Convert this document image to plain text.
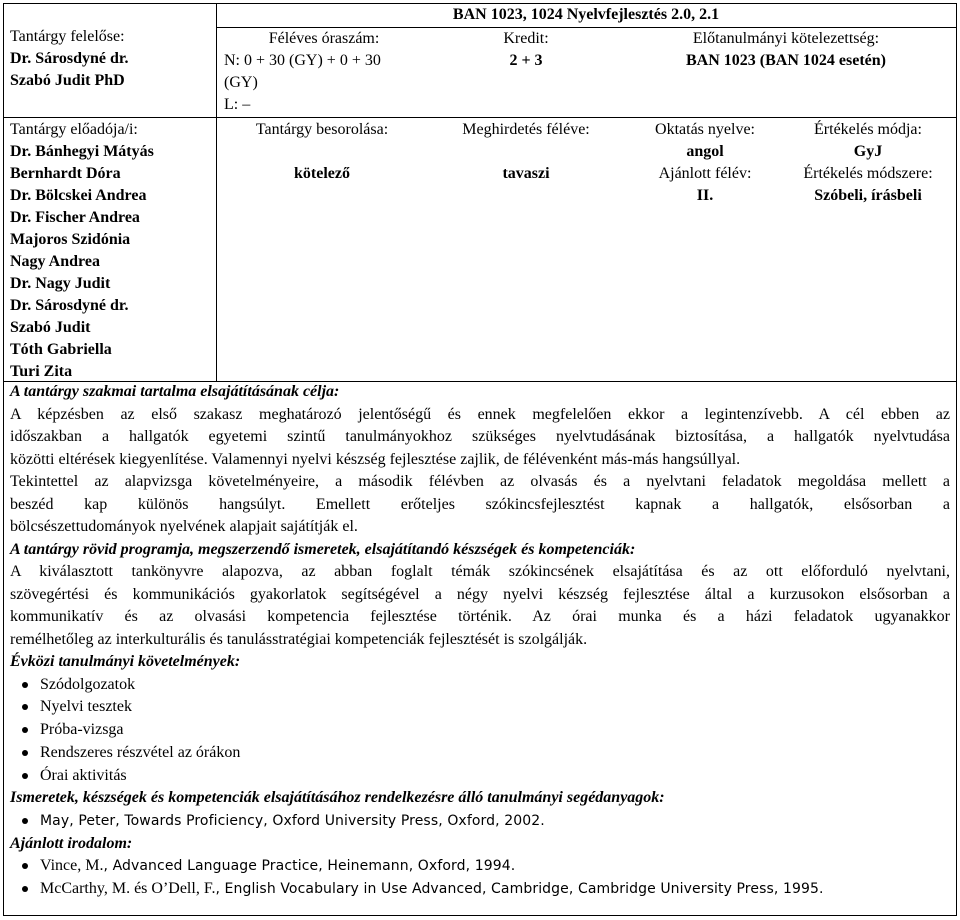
BAN 1023, 1024 Nyelvfejlesztés 2.0, 2.1
Tantárgy felelőse:
Dr. Sárosdyné dr.
Szabó Judit PhD
Féléves óraszám:
N: 0 + 30 (GY) + 0 + 30
(GY)
L: –
Kredit:
2 + 3
Előtanulmányi kötelezettség:
BAN 1023 (BAN 1024 esetén)
Tantárgy előadója/i:
Dr. Bánhegyi Mátyás
Bernhardt Dóra
Dr. Bölcskei Andrea
Dr. Fischer Andrea
Majoros Szidónia
Nagy Andrea
Dr. Nagy Judit
Dr. Sárosdyné dr.
Szabó Judit
Tóth Gabriella
Turi Zita
Tantárgy besorolása:
kötelező
Meghirdetés féléve:
tavaszi
Oktatás nyelve:
angol
Ajánlott félév:
II.
Értékelés módja:
GyJ
Értékelés módszere:
Szóbeli, írásbeli
A tantárgy szakmai tartalma elsajátításának célja:
A képzésben az első szakasz meghatározó jelentőségű és ennek megfelelően ekkor a legintenzívebb. A cél ebben az
időszakban a hallgatók egyetemi szintű tanulmányokhoz szükséges nyelvtudásának biztosítása, a hallgatók nyelvtudása
közötti eltérések kiegyenlítése. Valamennyi nyelvi készség fejlesztése zajlik, de félévenként más-más hangsúllyal.
Tekintettel az alapvizsga követelményeire, a második félévben az olvasás és a nyelvtani feladatok megoldása mellett a
beszéd kap különös hangsúlyt. Emellett erőteljes szókincsfejlesztést kapnak a hallgatók, elsősorban a
bölcsészettudományok nyelvének alapjait sajátítják el.
A tantárgy rövid programja, megszerzendő ismeretek, elsajátítandó készségek és kompetenciák:
A kiválasztott tankönyvre alapozva, az abban foglalt témák szókincsének elsajátítása és az ott előforduló nyelvtani,
szövegértési és kommunikációs gyakorlatok segítségével a négy nyelvi készség fejlesztése által a kurzusokon elsősorban a
kommunikatív és az olvasási kompetencia fejlesztése történik. Az órai munka és a házi feladatok ugyanakkor
remélhetőleg az interkulturális és tanulásstratégiai kompetenciák fejlesztését is szolgálják.
Évközi tanulmányi követelmények:
Szódolgozatok
Nyelvi tesztek
Próba-vizsga
Rendszeres részvétel az órákon
Órai aktivitás
Ismeretek, készségek és kompetenciák elsajátításához rendelkezésre álló tanulmányi segédanyagok:
May, Peter, Towards Proficiency, Oxford University Press, Oxford, 2002.
Ajánlott irodalom:
Vince, M., Advanced Language Practice, Heinemann, Oxford, 1994.
McCarthy, M. és O’Dell, F., English Vocabulary in Use Advanced, Cambridge, Cambridge University Press, 1995.
